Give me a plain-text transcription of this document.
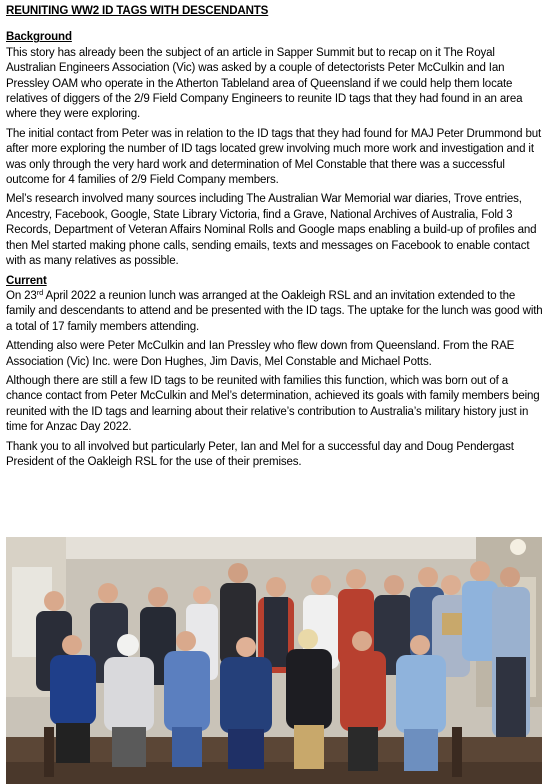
REUNITING WW2 ID TAGS WITH DESCENDANTS
Background

This story has already been the subject of an article in Sapper Summit but to recap on it The Royal Australian Engineers Association (Vic) was asked by a couple of detectorists Peter McCulkin and Ian Pressley OAM who operate in the Atherton Tableland area of Queensland if we could help them locate relatives of diggers of the 2/9 Field Company Engineers to reunite ID tags that they had found in an area where they were exploring.

The initial contact from Peter was in relation to the ID tags that they had found for MAJ Peter Drummond but after more exploring the number of ID tags located grew involving much more work and investigation and it was only through the very hard work and determination of Mel Constable that there was a successful outcome for 4 families of 2/9 Field Company members.

Mel’s research involved many sources including The Australian War Memorial war diaries, Trove entries, Ancestry, Facebook, Google, State Library Victoria, find a Grave, National Archives of Australia, Fold 3 Records, Department of Veteran Affairs Nominal Rolls and Google maps enabling a build-up of profiles and then Mel started making phone calls, sending emails, texts and messages on Facebook to enable contact with as many relatives as possible.

Current

On 23rd April 2022 a reunion lunch was arranged at the Oakleigh RSL and an invitation extended to the family and descendants to attend and be presented with the ID tags. The uptake for the lunch was good with a total of 17 family members attending.

Attending also were Peter McCulkin and Ian Pressley who flew down from Queensland. From the RAE Association (Vic) Inc. were Don Hughes, Jim Davis, Mel Constable and Michael Potts.

Although there are still a few ID tags to be reunited with families this function, which was born out of a chance contact from Peter McCulkin and Mel’s determination, achieved its goals with family members being reunited with the ID tags and learning about their relative’s contribution to Australia’s military history just in time for Anzac Day 2022.

Thank you to all involved but particularly Peter, Ian and Mel for a successful day and Doug Pendergast President of the Oakleigh RSL for the use of their premises.
